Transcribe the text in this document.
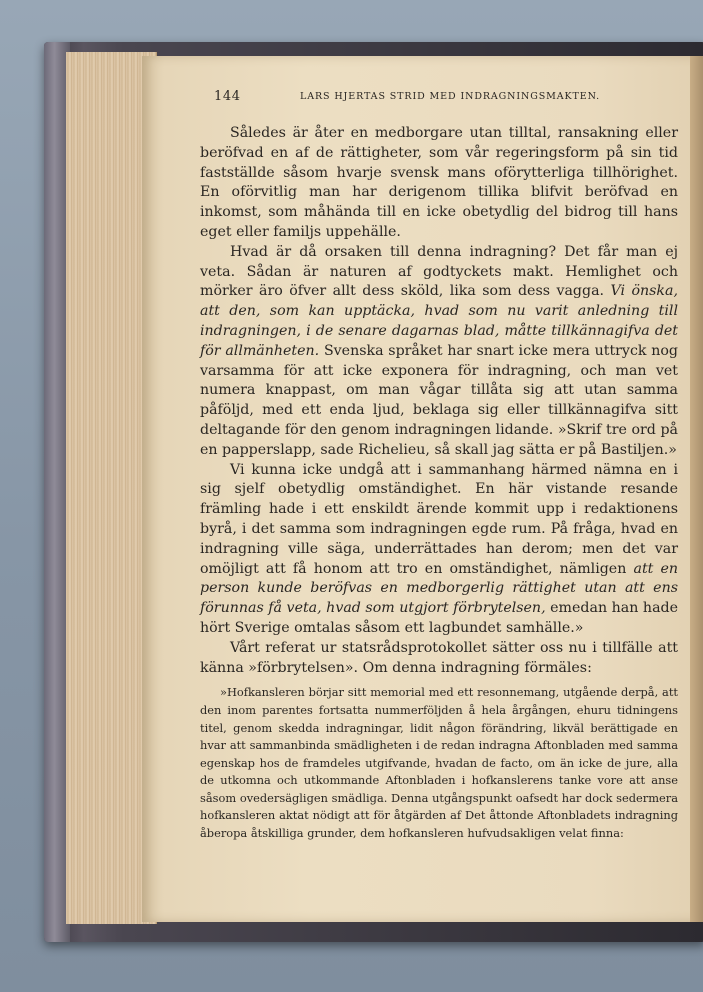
144	LARS HJERTAS STRID MED INDRAGNINGSMAKTEN.

Således är åter en medborgare utan tilltal, ransakning eller beröfvad en af de rättigheter, som vår regeringsform på sin tid fastställde såsom hvarje svensk mans oförytterliga tillhörighet. En oförvitlig man har derigenom tillika blifvit beröfvad en inkomst, som måhända till en icke obetydlig del bidrog till hans eget eller familjs uppehälle.

Hvad är då orsaken till denna indragning? Det får man ej veta. Sådan är naturen af godtyckets makt. Hemlighet och mörker äro öfver allt dess sköld, lika som dess vagga. Vi önska, att den, som kan upptäcka, hvad som nu varit anledning till indragningen, i de senare dagarnas blad, måtte tillkännagifva det för allmänheten. Svenska språket har snart icke mera uttryck nog varsamma för att icke exponera för indragning, och man vet numera knappast, om man vågar tillåta sig att utan samma påföljd, med ett enda ljud, beklaga sig eller tillkännagifva sitt deltagande för den genom indragningen lidande. »Skrif tre ord på en papperslapp, sade Richelieu, så skall jag sätta er på Bastiljen.»

Vi kunna icke undgå att i sammanhang härmed nämna en i sig sjelf obetydlig omständighet. En här vistande resande främling hade i ett enskildt ärende kommit upp i redaktionens byrå, i det samma som indragningen egde rum. På fråga, hvad en indragning ville säga, underrättades han derom; men det var omöjligt att få honom att tro en omständighet, nämligen att en person kunde beröfvas en medborgerlig rättighet utan att ens förunnas få veta, hvad som utgjort förbrytelsen, emedan han hade hört Sverige omtalas såsom ett lagbundet samhälle.»

Vårt referat ur statsrådsprotokollet sätter oss nu i tillfälle att känna »förbrytelsen». Om denna indragning förmäles:

»Hofkansleren börjar sitt memorial med ett resonnemang, utgående derpå, att den inom parentes fortsatta nummerföljden å hela årgången, ehuru tidningens titel, genom skedda indragningar, lidit någon förändring, likväl berättigade en hvar att sammanbinda smädligheten i de redan indragna Aftonbladen med samma egenskap hos de framdeles utgifvande, hvadan de facto, om än icke de jure, alla de utkomna och utkommande Aftonbladen i hofkanslerens tanke vore att anse såsom ovedersägligen smädliga. Denna utgångspunkt oafsedt har dock sedermera hofkansleren aktat nödigt att för åtgärden af Det åttonde Aftonbladets indragning åberopa åtskilliga grunder, dem hofkansleren hufvudsakligen velat finna:
